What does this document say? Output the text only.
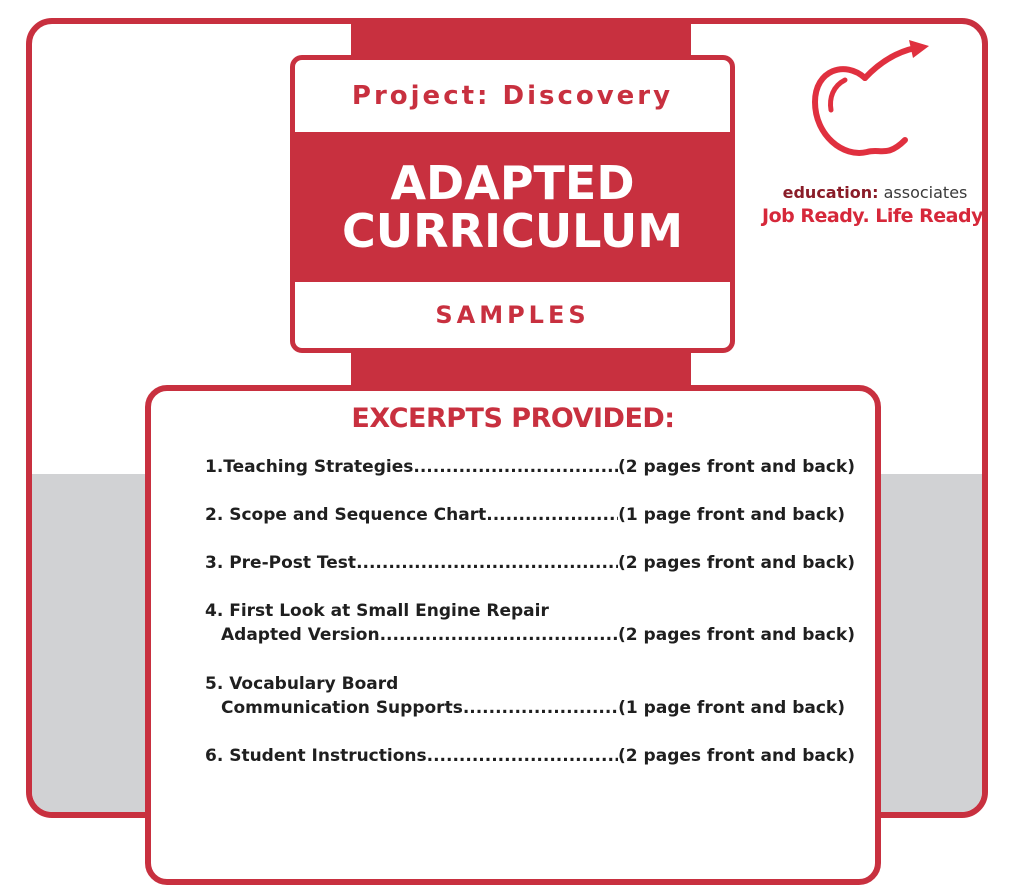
Project: Discovery
ADAPTED
CURRICULUM
SAMPLES
education: associates
Job Ready. Life Ready.
EXCERPTS PROVIDED:
1.Teaching Strategies .....	(2 pages front and back)
2. Scope and Sequence Chart .....	(1 page front and back)
3. Pre-Post Test .....	(2 pages front and back)
4. First Look at Small Engine Repair
Adapted Version .....	(2 pages front and back)
5. Vocabulary Board
Communication Supports .....	(1 page front and back)
6. Student Instructions .....	(2 pages front and back)
